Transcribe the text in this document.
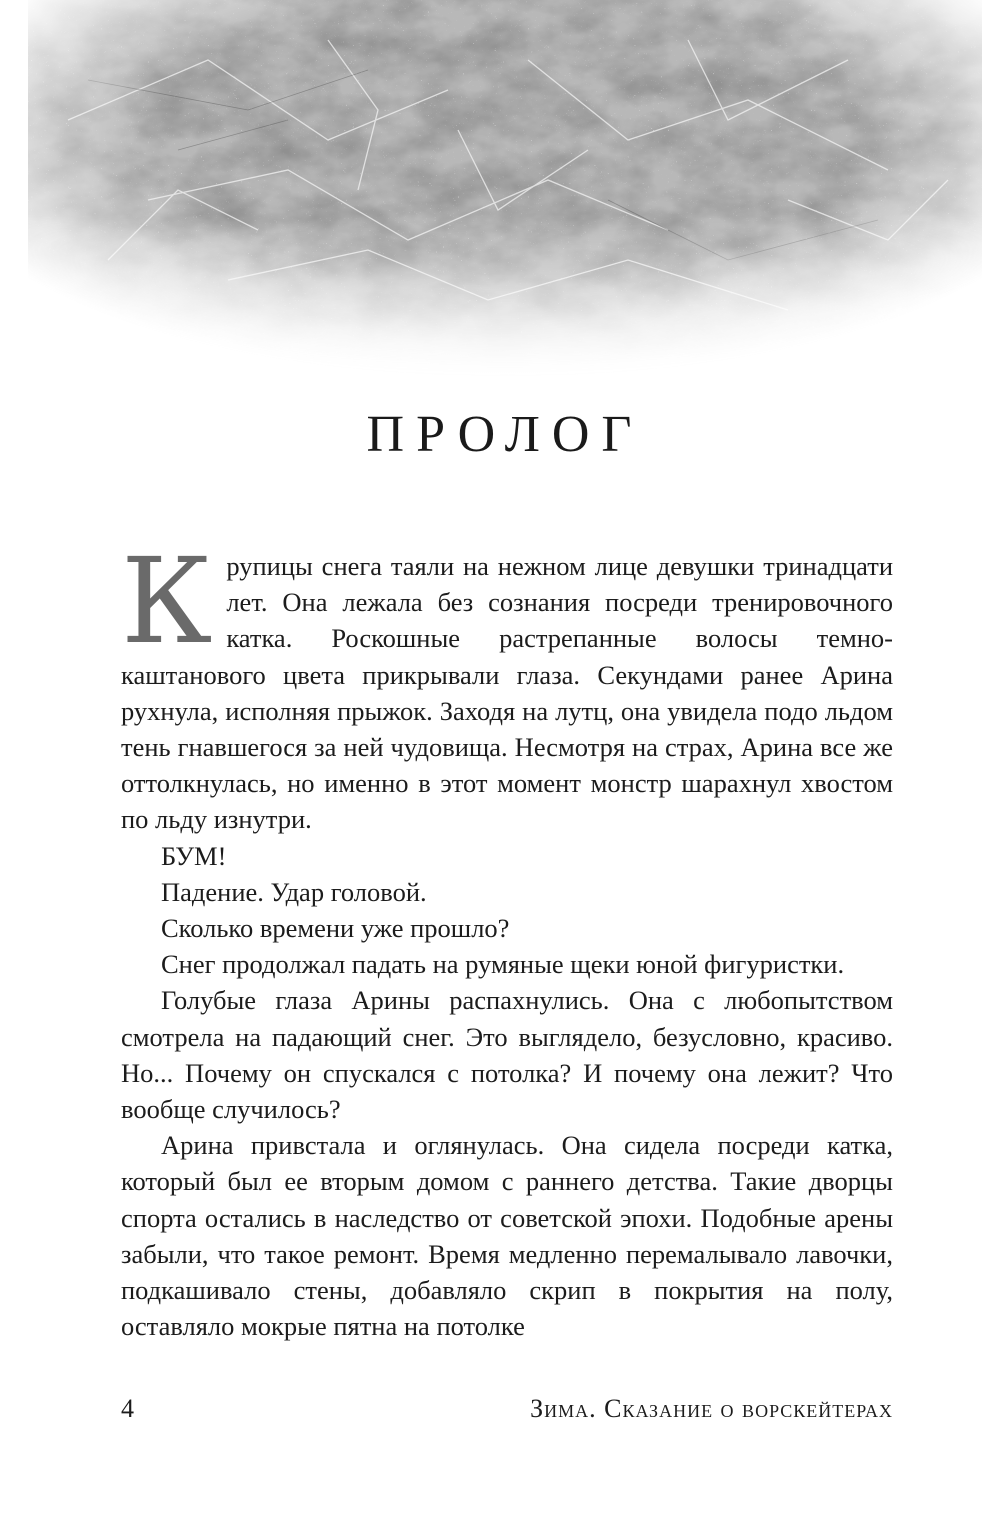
ПРОЛОГ

Крупицы снега таяли на нежном лице девушки тринадцати лет. Она лежала без сознания посреди тренировочного катка. Роскошные растрепанные волосы темно-каштанового цвета прикрывали глаза. Секундами ранее Арина рухнула, исполняя прыжок. Заходя на лутц, она увидела подо льдом тень гнавшегося за ней чудовища. Несмотря на страх, Арина все же оттолкнулась, но именно в этот момент монстр шарахнул хвостом по льду изнутри.

БУМ!

Падение. Удар головой.

Сколько времени уже прошло?

Снег продолжал падать на румяные щеки юной фигуристки.

Голубые глаза Арины распахнулись. Она с любопытством смотрела на падающий снег. Это выглядело, безусловно, красиво. Но... Почему он спускался с потолка? И почему она лежит? Что вообще случилось?

Арина привстала и оглянулась. Она сидела посреди катка, который был ее вторым домом с раннего детства. Такие дворцы спорта остались в наследство от советской эпохи. Подобные арены забыли, что такое ремонт. Время медленно перемалывало лавочки, подкашивало стены, добавляло скрип в покрытия на полу, оставляло мокрые пятна на потолке

4	Зима. Сказание о ворскейтерах
